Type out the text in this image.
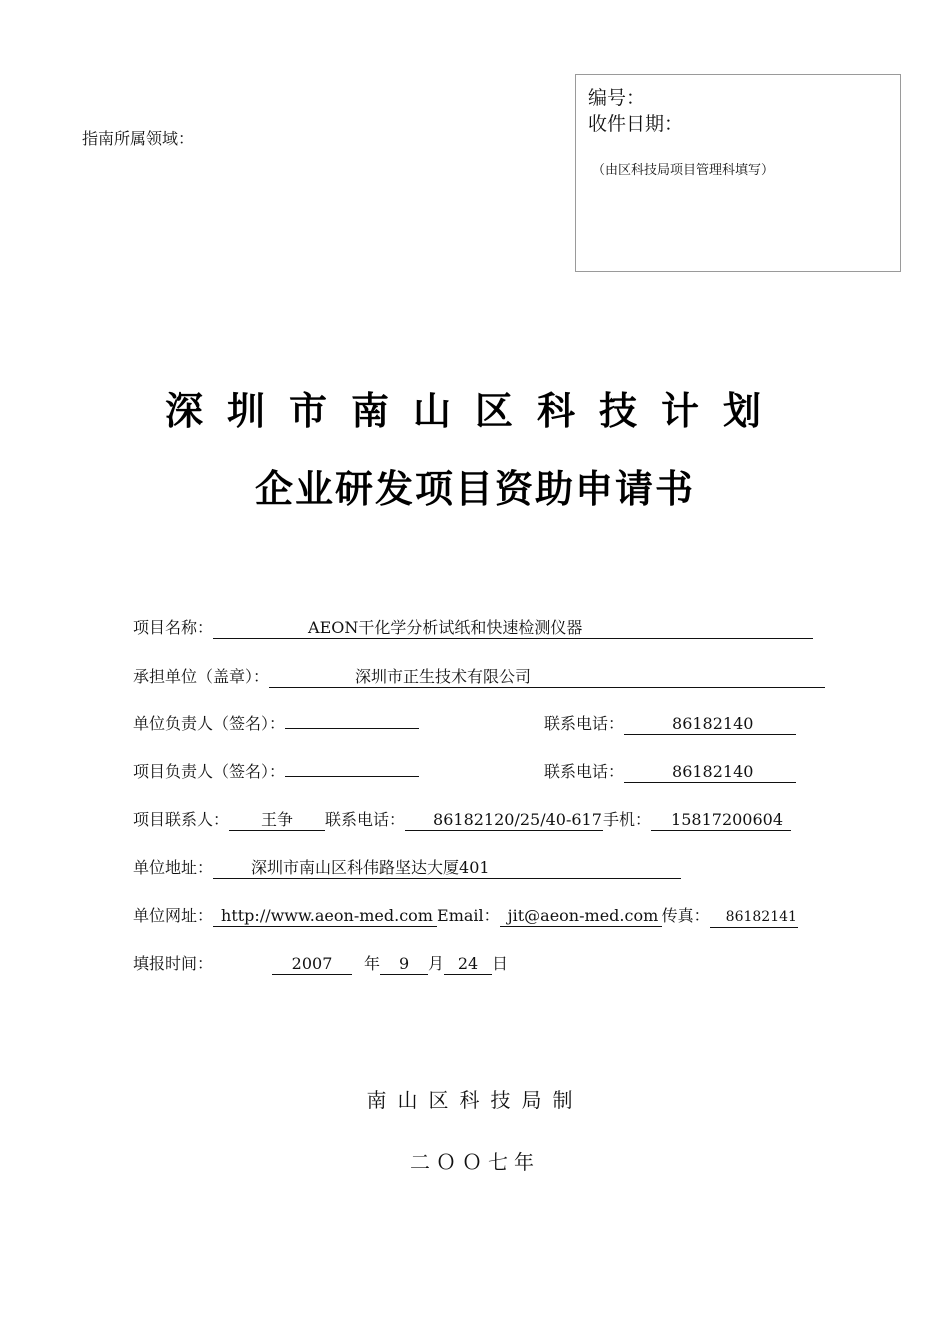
指南所属领域：
编号：
收件日期：
（由区科技局项目管理科填写）
深圳市南山区科技计划
企业研发项目资助申请书
项目名称：	AEON干化学分析试纸和快速检测仪器
承担单位（盖章）：	深圳市正生技术有限公司
单位负责人（签名）：	联系电话：	86182140
项目负责人（签名）：	联系电话：	86182140
项目联系人： 王争 联系电话： 86182120/25/40-617手机： 15817200604
单位地址： 深圳市南山区科伟路坚达大厦401
单位网址： http://www.aeon-med.com Email： jit@aeon-med.com 传真： 86182141
填报时间：	2007 年 9 月 24 日
南山区科技局制
二ＯＯ七年
